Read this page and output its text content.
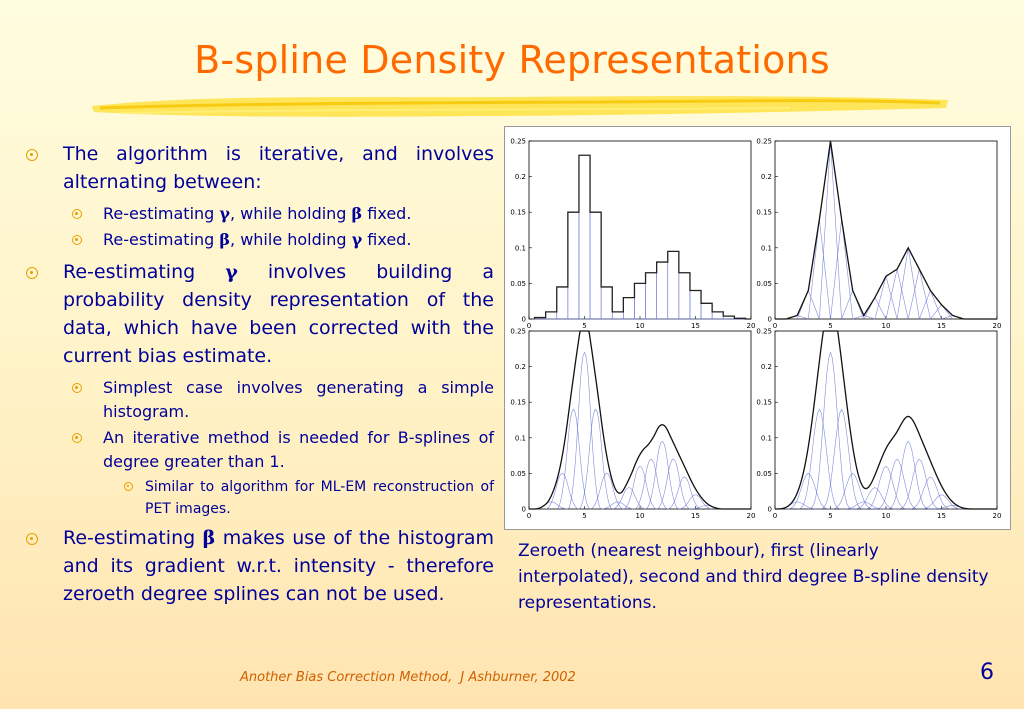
B-spline Density Representations
The algorithm is iterative, and involves alternating between:
Re-estimating γ, while holding β fixed.
Re-estimating β, while holding γ fixed.
Re-estimating γ involves building a probability density representation of the data, which have been corrected with the current bias estimate.
Simplest case involves generating a simple histogram.
An iterative method is needed for B-splines of degree greater than 1.
Similar to algorithm for ML-EM reconstruction of PET images.
Re-estimating β makes use of the histogram and its gradient w.r.t. intensity - therefore zeroeth degree splines can not be used.
0	5	10	15	20
0
0.05
0.1
0.15
0.2
0.25
0	5	10	15	20
0
0.05
0.1
0.15
0.2
0.25
0	5	10	15	20
0
0.05
0.1
0.15
0.2
0.25
0	5	10	15	20
0
0.05
0.1
0.15
0.2
0.25
Zeroeth (nearest neighbour), first (linearly interpolated), second and third degree B-spline density representations.
Another Bias Correction Method,  J Ashburner, 2002	6
